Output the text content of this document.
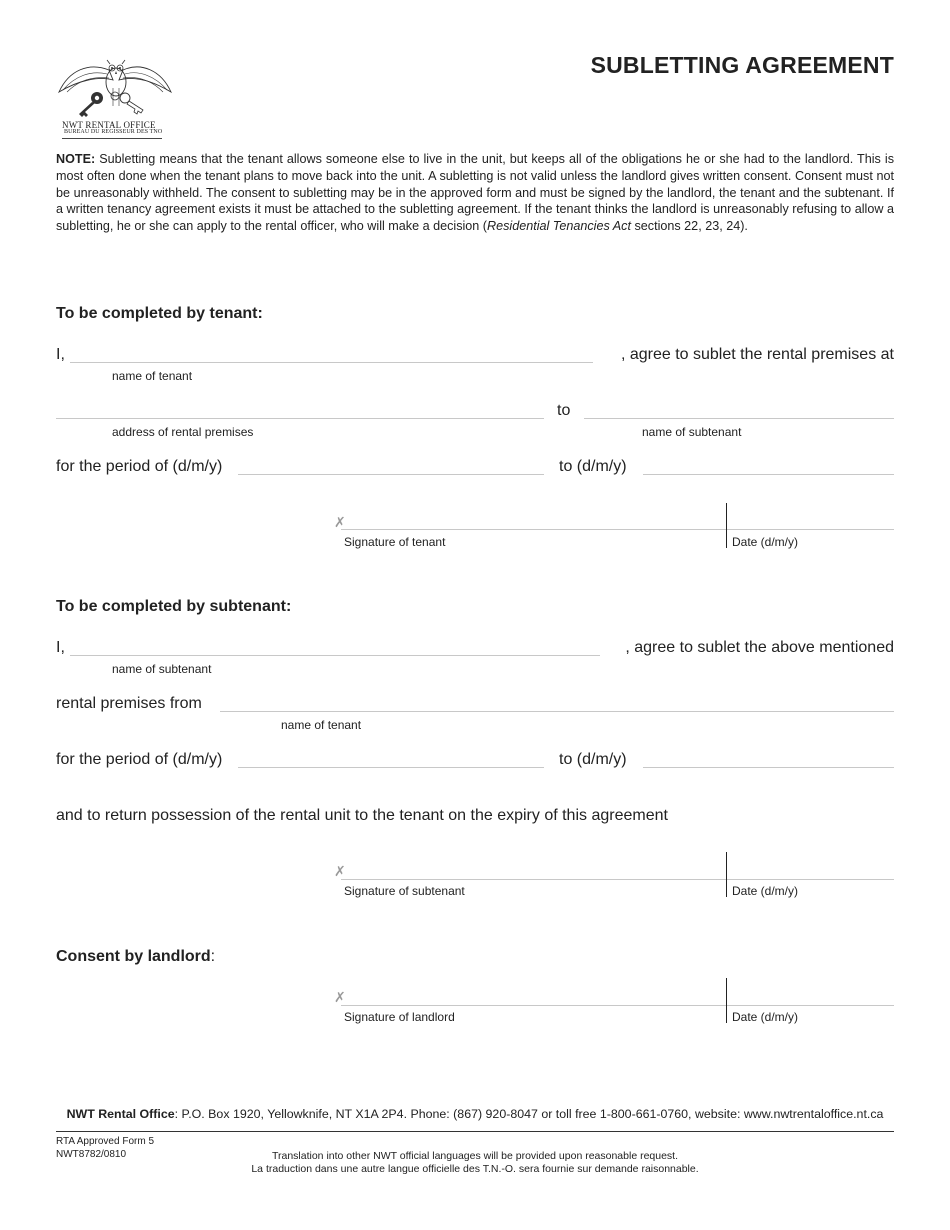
SUBLETTING AGREEMENT
NWT RENTAL OFFICE
BUREAU DU REGISSEUR DES TNO
NOTE: Subletting means that the tenant allows someone else to live in the unit, but keeps all of the obligations he or she had to the landlord. This is most often done when the tenant plans to move back into the unit. A subletting is not valid unless the landlord gives written consent. Consent must not be unreasonably withheld. The consent to subletting may be in the approved form and must be signed by the landlord, the tenant and the subtenant. If a written tenancy agreement exists it must be attached to the subletting agreement. If the tenant thinks the landlord is unreasonably refusing to allow a subletting, he or she can apply to the rental officer, who will make a decision (Residential Tenancies Act sections 22, 23, 24).
To be completed by tenant:
I,	, agree to sublet the rental premises at
name of tenant
to
address of rental premises	name of subtenant
for the period of (d/m/y)	to (d/m/y)
✗
Signature of tenant	Date (d/m/y)
To be completed by subtenant:
I,	, agree to sublet the above mentioned
name of subtenant
rental premises from
name of tenant
for the period of (d/m/y)	to (d/m/y)
and to return possession of the rental unit to the tenant on the expiry of this agreement
✗
Signature of subtenant	Date (d/m/y)
Consent by landlord:
✗
Signature of landlord	Date (d/m/y)
NWT Rental Office: P.O. Box 1920, Yellowknife, NT X1A 2P4. Phone: (867) 920-8047 or toll free 1-800-661-0760, website: www.nwtrentaloffice.nt.ca
RTA Approved Form 5
NWT8782/0810	Translation into other NWT official languages will be provided upon reasonable request.
La traduction dans une autre langue officielle des T.N.-O. sera fournie sur demande raisonnable.
